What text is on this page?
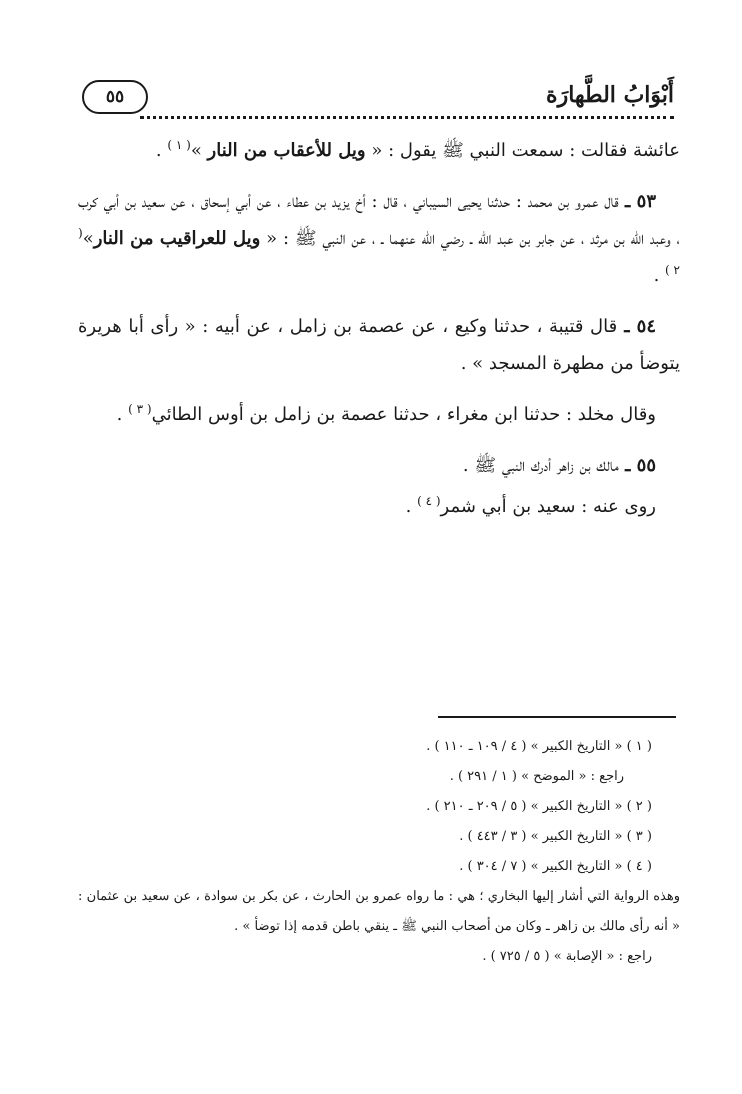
٥٥	أَبْوَابُ الطَّهارَة

عائشة فقالت : سمعت النبي ﷺ يقول : « ويل للأعقاب من النار »$^{( ١ )}$ .

٥٣ ـ قال عمرو بن محمد : حدثنا يحيى السيباني ، قال : أخ يزيد بن عطاء ، عن أبي إسحاق ، عن سعيد بن أبي كرب ، وعبد الله بن مرثد ، عن جابر بن عبد الله ـ رضي الله عنهما ـ ، عن النبي ﷺ : « ويل للعراقيب من النار»$^{( ٢ )}$ .

٥٤ ـ قال قتيبة ، حدثنا وكيع ، عن عصمة بن زامل ، عن أبيه : « رأى أبا هريرة يتوضأ من مطهرة المسجد » .

وقال مخلد : حدثنا ابن مغراء ، حدثنا عصمة بن زامل بن أوس الطائي$^{( ٣ )}$ .

٥٥ ـ مالك بن زاهر أدرك النبي ﷺ .

روى عنه : سعيد بن أبي شمر$^{( ٤ )}$ .

( ١ ) « التاريخ الكبير » ( ٤ / ١٠٩ ـ ١١٠ ) .

راجع : « الموضح » ( ١ / ٢٩١ ) .

( ٢ ) « التاريخ الكبير » ( ٥ / ٢٠٩ ـ ٢١٠ ) .

( ٣ ) « التاريخ الكبير » ( ٣ / ٤٤٣ ) .

( ٤ ) « التاريخ الكبير » ( ٧ / ٣٠٤ ) .

وهذه الرواية التي أشار إليها البخاري ؛ هي : ما رواه عمرو بن الحارث ، عن بكر بن سوادة ، عن سعيد بن عثمان : « أنه رأى مالك بن زاهر ـ وكان من أصحاب النبي ﷺ ـ ينقي باطن قدمه إذا توضأ » .

راجع : « الإصابة » ( ٥ / ٧٢٥ ) .
